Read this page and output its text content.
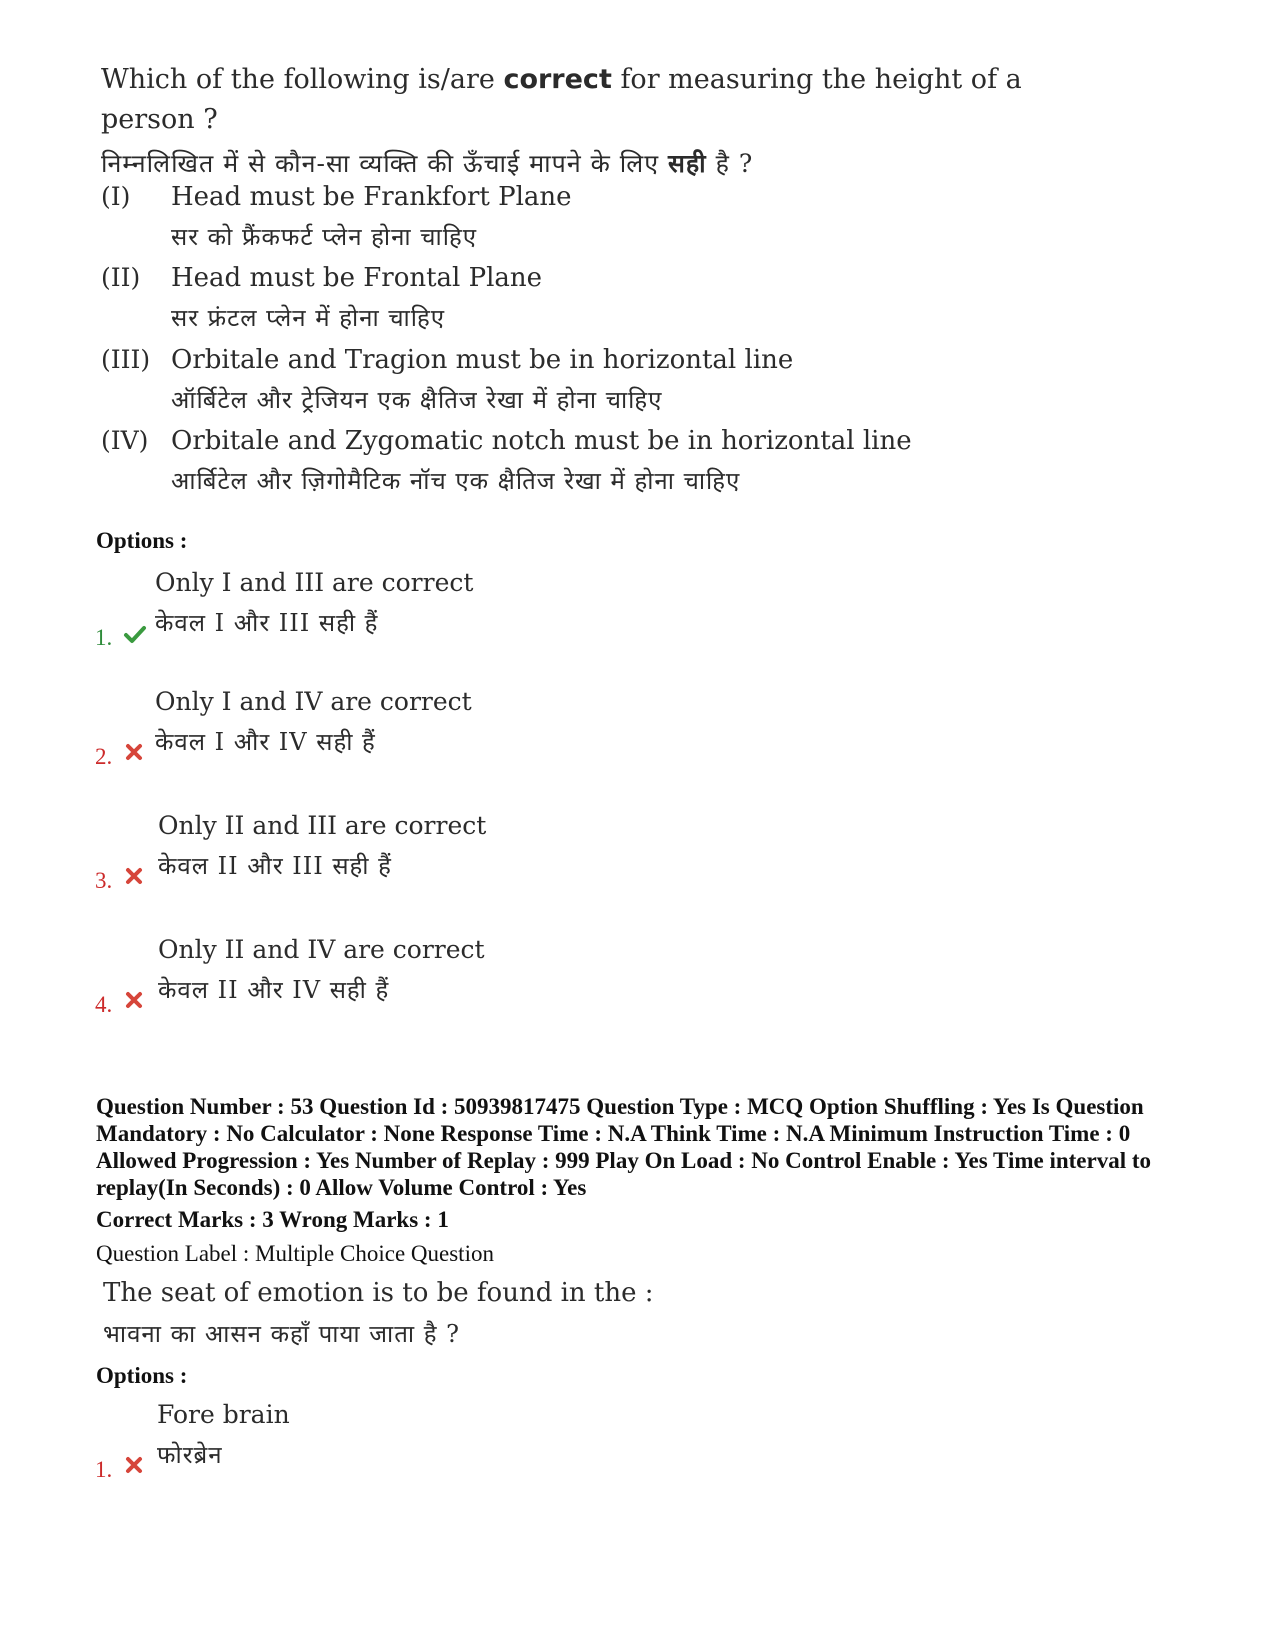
Which of the following is/are correct for measuring the height of a person ?
निम्नलिखित में से कौन-सा व्यक्ति की ऊँचाई मापने के लिए सही है ?
(I) Head must be Frankfort Plane
सर को फ्रैंकफर्ट प्लेन होना चाहिए
(II) Head must be Frontal Plane
सर फ्रंटल प्लेन में होना चाहिए
(III) Orbitale and Tragion must be in horizontal line
ऑर्बिटेल और ट्रेजियन एक क्षैतिज रेखा में होना चाहिए
(IV) Orbitale and Zygomatic notch must be in horizontal line
आर्बिटेल और ज़िगोमैटिक नॉच एक क्षैतिज रेखा में होना चाहिए
Options :
1.
Only I and III are correct
केवल I और III सही हैं
2.
Only I and IV are correct
केवल I और IV सही हैं
3.
Only II and III are correct
केवल II और III सही हैं
4.
Only II and IV are correct
केवल II और IV सही हैं
Question Number : 53 Question Id : 50939817475 Question Type : MCQ Option Shuffling : Yes Is Question Mandatory : No Calculator : None Response Time : N.A Think Time : N.A Minimum Instruction Time : 0 Allowed Progression : Yes Number of Replay : 999 Play On Load : No Control Enable : Yes Time interval to replay(In Seconds) : 0 Allow Volume Control : Yes
Correct Marks : 3 Wrong Marks : 1
Question Label : Multiple Choice Question
The seat of emotion is to be found in the :
भावना का आसन कहाँ पाया जाता है ?
Options :
1.
Fore brain
फोरब्रेन
